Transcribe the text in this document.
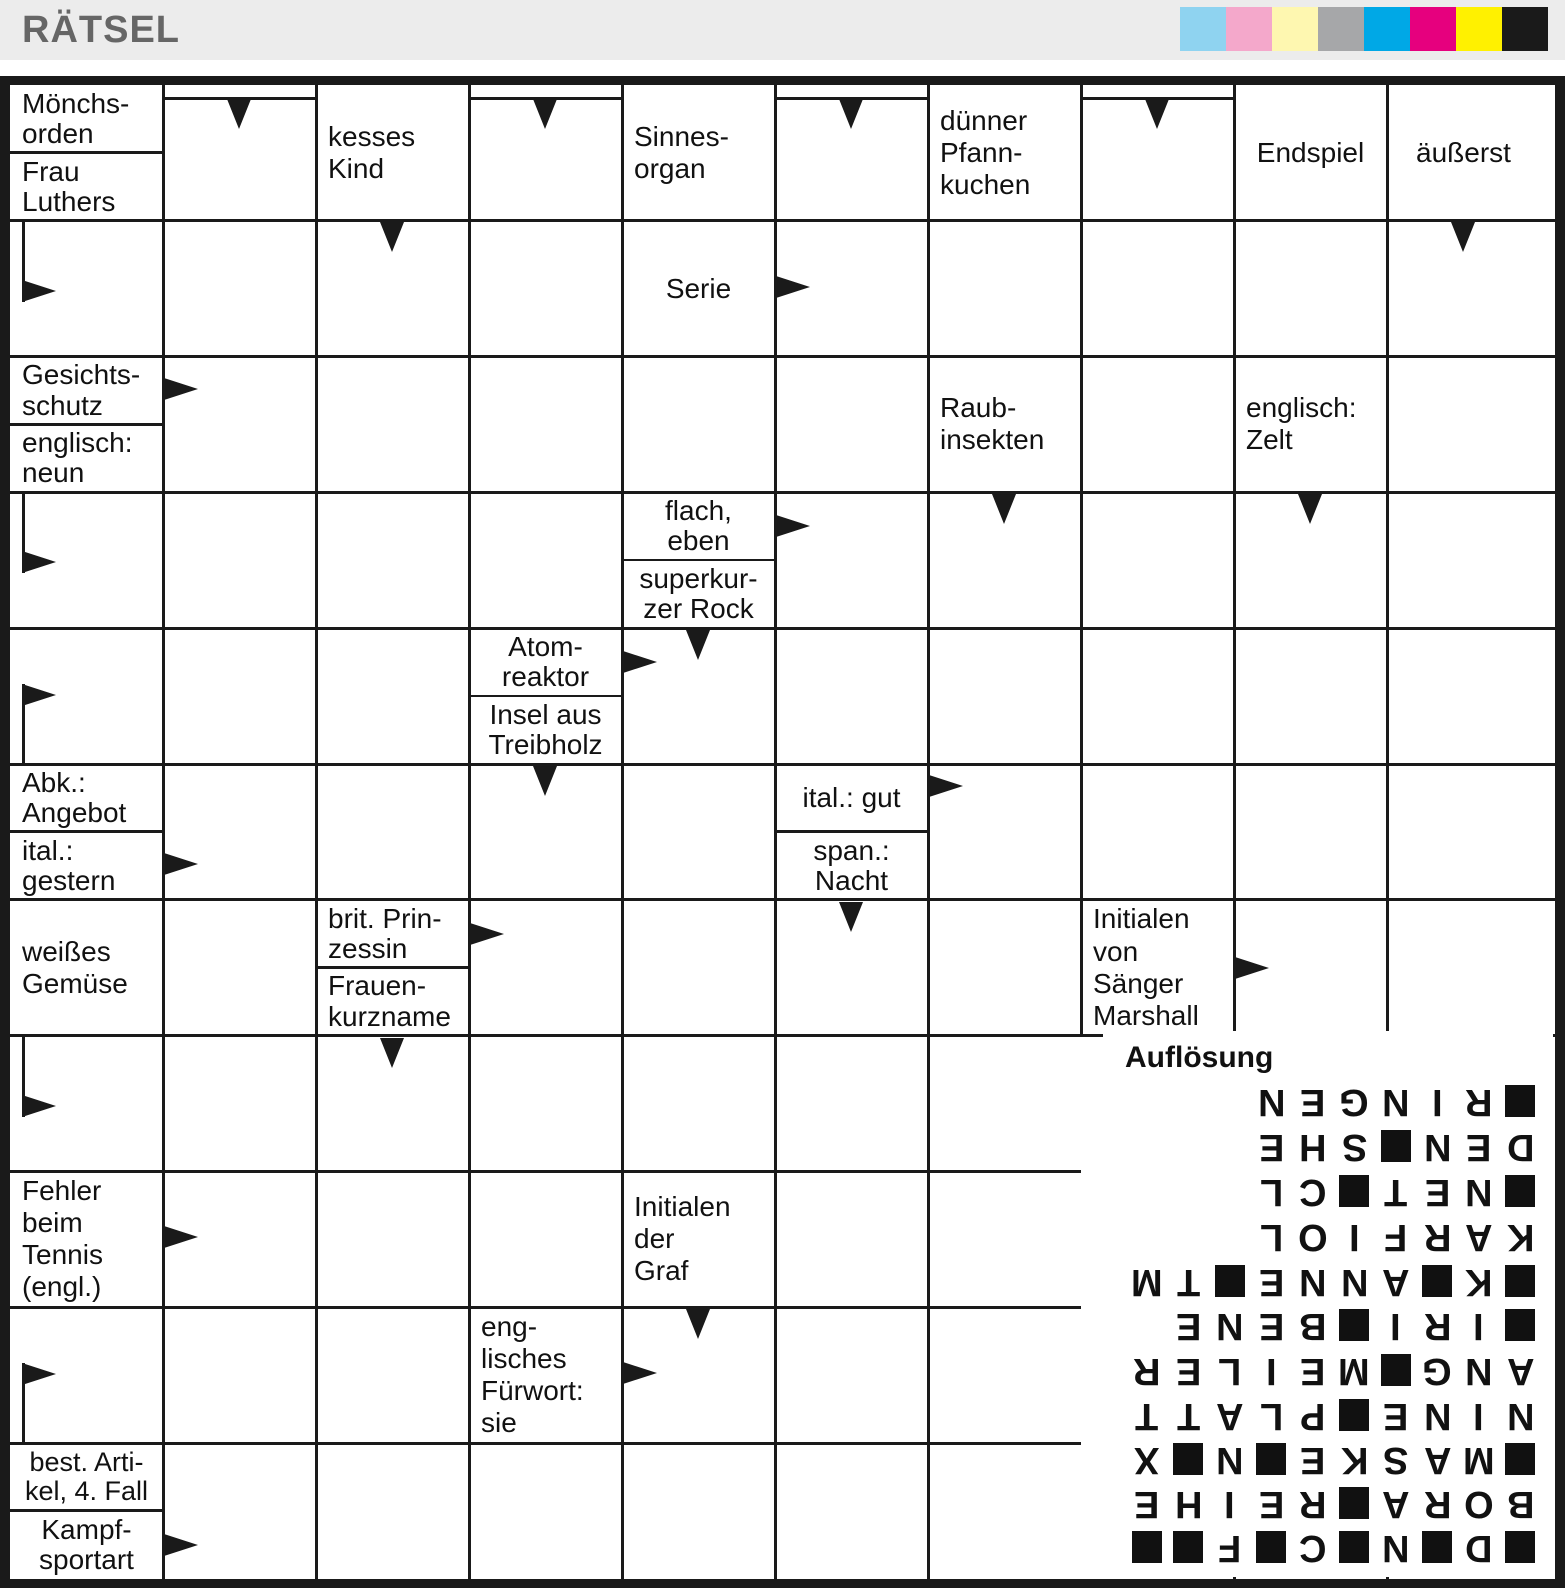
RÄTSEL
Mönchs-
orden
Frau
Luthers
kesses
Kind
Sinnes-
organ
dünner
Pfann-
kuchen
Endspiel äußerst
Serie
Gesichts-
schutz
englisch:
neun
Raub-
insekten
englisch:
Zelt
flach,
eben
superkur-
zer Rock
Atom-
reaktor
Insel aus
Treibholz
Abk.:
Angebot
ital.:
gestern
ital.: gut
span.:
Nacht
weißes
Gemüse
brit. Prin-
zessin
Frauen-
kurzname
Initialen
von
Sänger
Marshall
Fehler
beim
Tennis
(engl.)
Initialen
der
Graf
eng-
lisches
Fürwort:
sie
best. Arti-
kel, 4. Fall
Kampf-
sportart
Auflösung
N E G N I R
E H S N E D
L C T E N
L O I F R A K
M T E N N A K
E N E B I R I
R E L I E M G N A
T T A L P E N I N
X N E K S A M
E H I E R A R O B
F C N D
